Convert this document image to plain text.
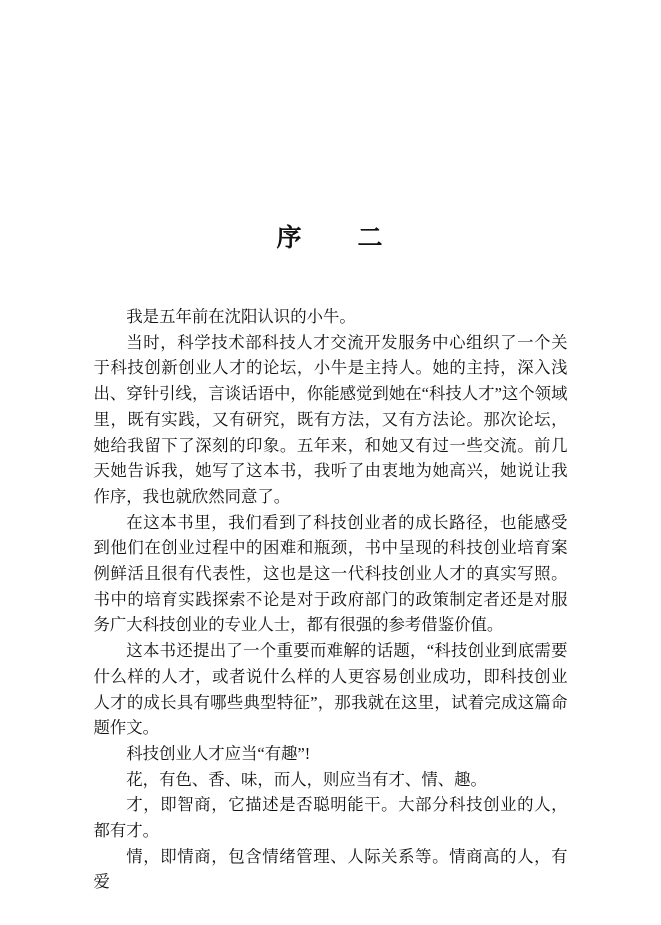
序　　二

我是五年前在沈阳认识的小牛。

当时，科学技术部科技人才交流开发服务中心组织了一个关于科技创新创业人才的论坛，小牛是主持人。她的主持，深入浅出、穿针引线，言谈话语中，你能感觉到她在“科技人才”这个领域里，既有实践，又有研究，既有方法，又有方法论。那次论坛，她给我留下了深刻的印象。五年来，和她又有过一些交流。前几天她告诉我，她写了这本书，我听了由衷地为她高兴，她说让我作序，我也就欣然同意了。

在这本书里，我们看到了科技创业者的成长路径，也能感受到他们在创业过程中的困难和瓶颈，书中呈现的科技创业培育案例鲜活且很有代表性，这也是这一代科技创业人才的真实写照。书中的培育实践探索不论是对于政府部门的政策制定者还是对服务广大科技创业的专业人士，都有很强的参考借鉴价值。

这本书还提出了一个重要而难解的话题，“科技创业到底需要什么样的人才，或者说什么样的人更容易创业成功，即科技创业人才的成长具有哪些典型特征”，那我就在这里，试着完成这篇命题作文。

科技创业人才应当“有趣”!

花，有色、香、味，而人，则应当有才、情、趣。

才，即智商，它描述是否聪明能干。大部分科技创业的人，都有才。

情，即情商，包含情绪管理、人际关系等。情商高的人，有爱
